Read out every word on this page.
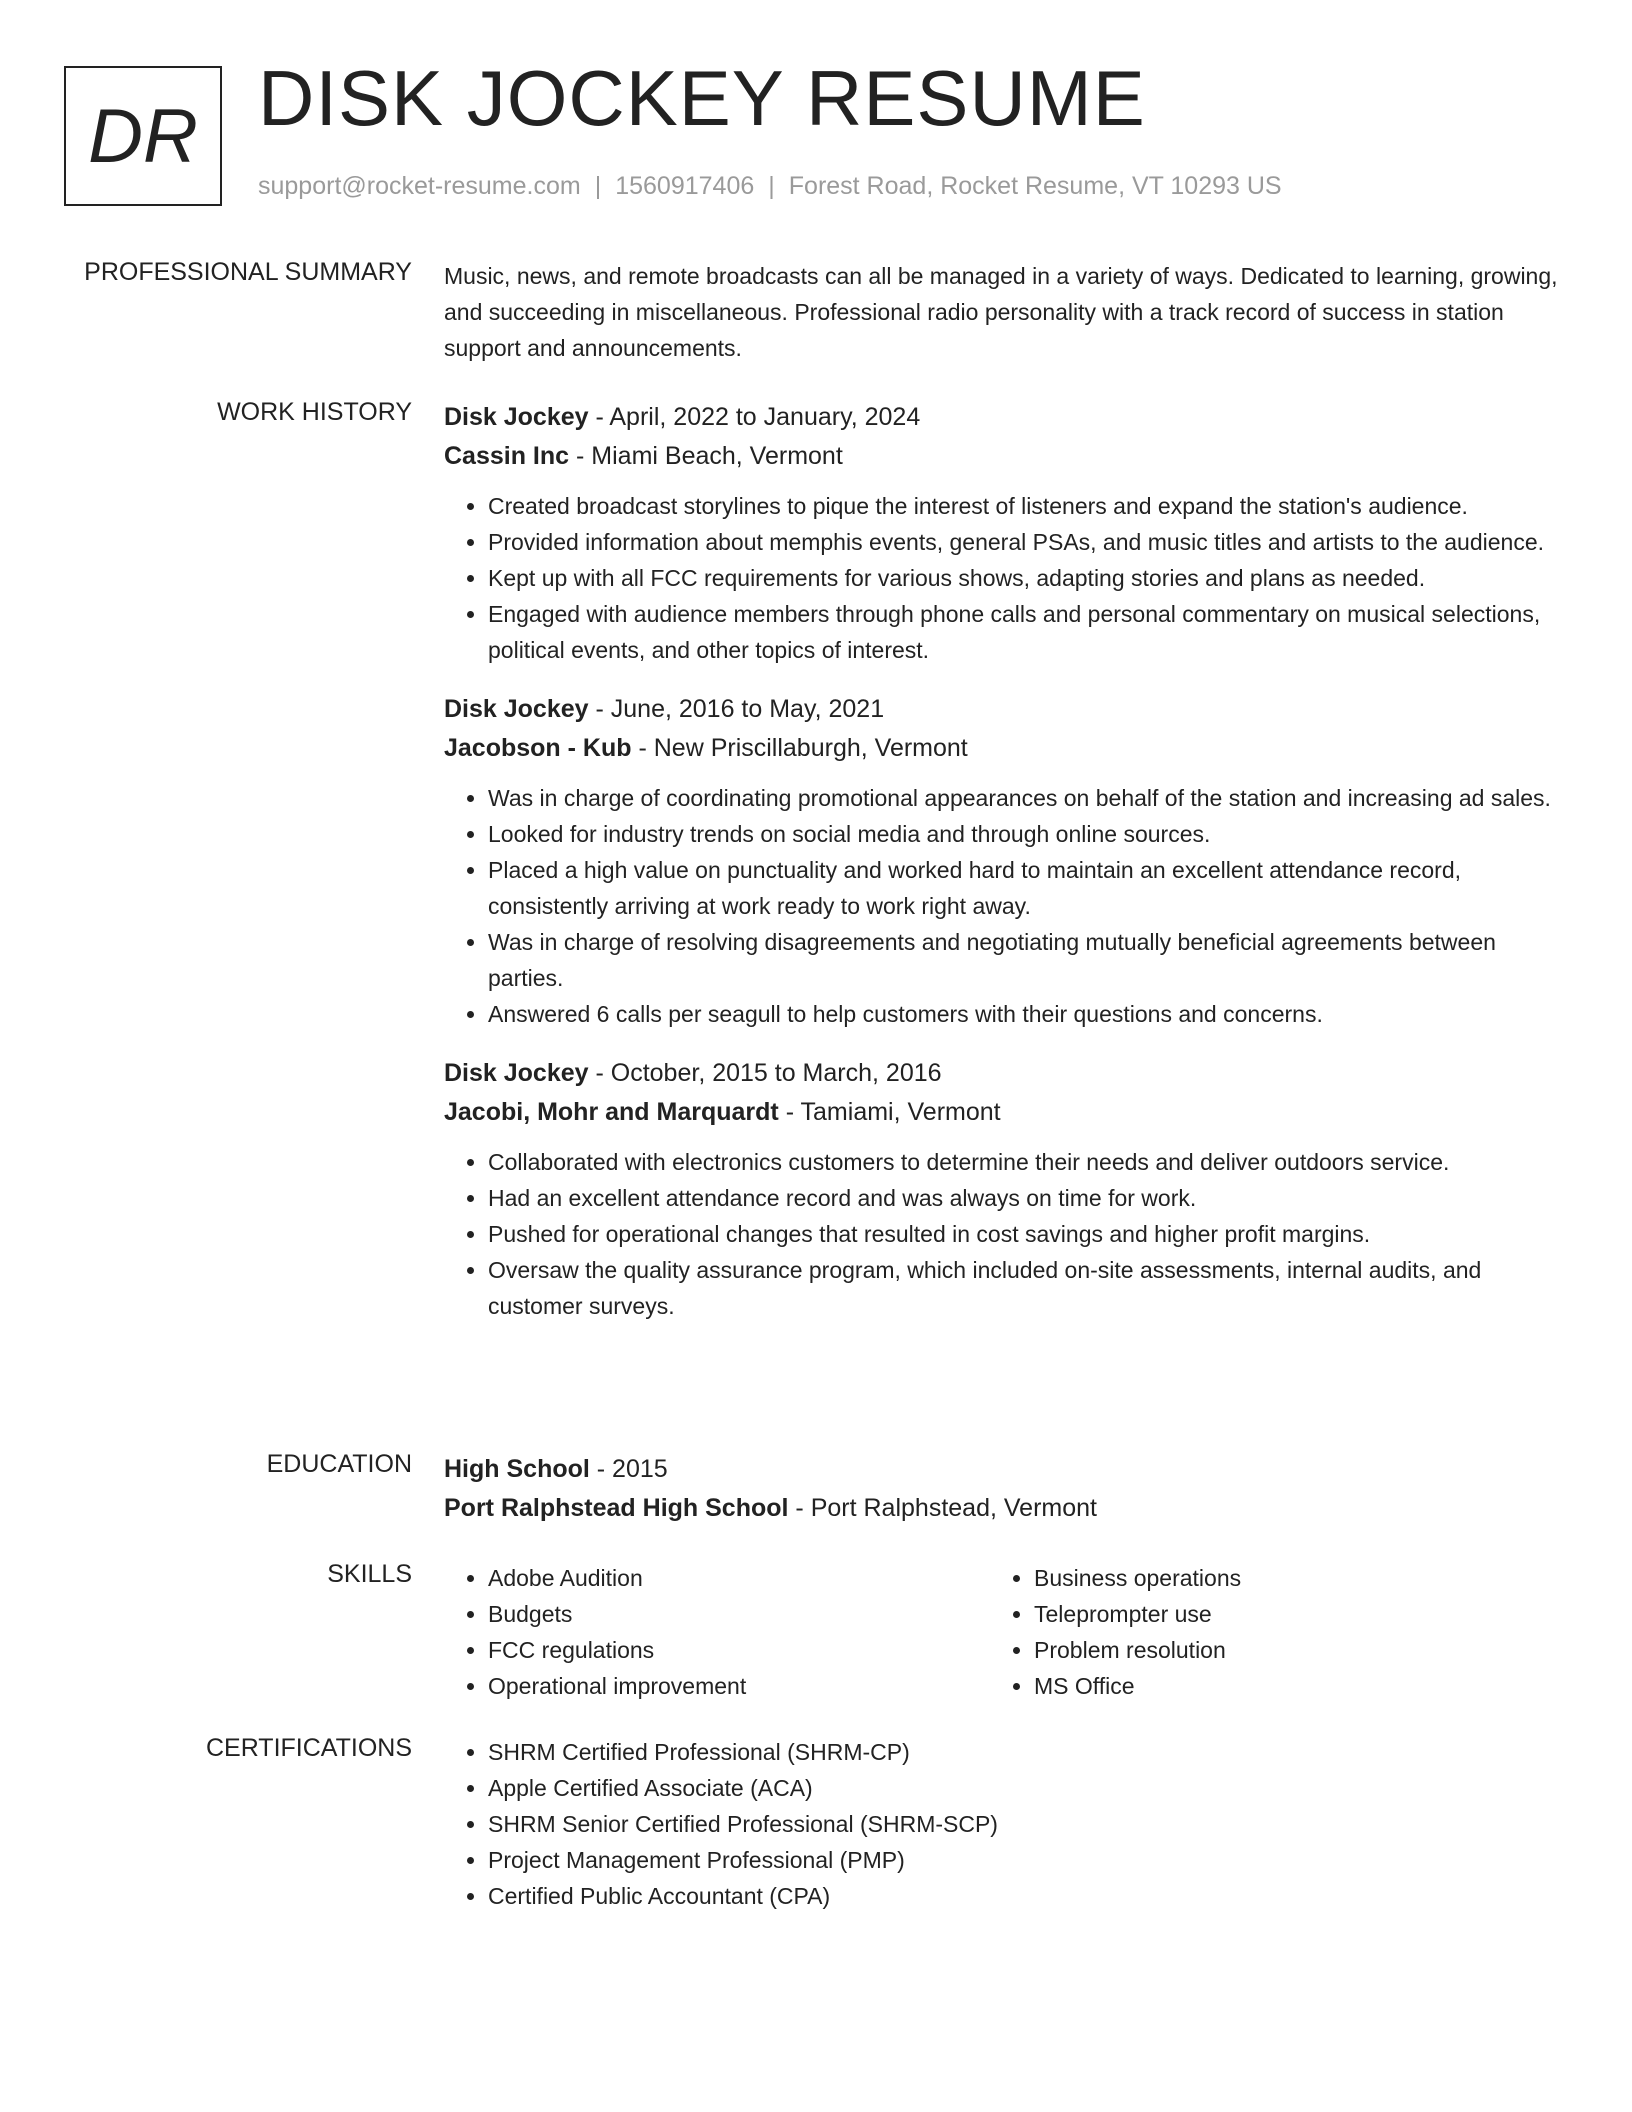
DR DISK JOCKEY RESUME
support@rocket-resume.com | 1560917406 | Forest Road, Rocket Resume, VT 10293 US
PROFESSIONAL SUMMARY Music, news, and remote broadcasts can all be managed in a variety of ways. Dedicated to learning, growing, and succeeding in miscellaneous. Professional radio personality with a track record of success in station support and announcements.
WORK HISTORY Disk Jockey - April, 2022 to January, 2024
Cassin Inc - Miami Beach, Vermont
• Created broadcast storylines to pique the interest of listeners and expand the station's audience.
• Provided information about memphis events, general PSAs, and music titles and artists to the audience.
• Kept up with all FCC requirements for various shows, adapting stories and plans as needed.
• Engaged with audience members through phone calls and personal commentary on musical selections, political events, and other topics of interest.
Disk Jockey - June, 2016 to May, 2021
Jacobson - Kub - New Priscillaburgh, Vermont
• Was in charge of coordinating promotional appearances on behalf of the station and increasing ad sales.
• Looked for industry trends on social media and through online sources.
• Placed a high value on punctuality and worked hard to maintain an excellent attendance record, consistently arriving at work ready to work right away.
• Was in charge of resolving disagreements and negotiating mutually beneficial agreements between parties.
• Answered 6 calls per seagull to help customers with their questions and concerns.
Disk Jockey - October, 2015 to March, 2016
Jacobi, Mohr and Marquardt - Tamiami, Vermont
• Collaborated with electronics customers to determine their needs and deliver outdoors service.
• Had an excellent attendance record and was always on time for work.
• Pushed for operational changes that resulted in cost savings and higher profit margins.
• Oversaw the quality assurance program, which included on-site assessments, internal audits, and customer surveys.
EDUCATION High School - 2015
Port Ralphstead High School - Port Ralphstead, Vermont
SKILLS	• Adobe Audition
• Budgets
• FCC regulations
• Operational improvement
• Business operations
• Teleprompter use
• Problem resolution
• MS Office
CERTIFICATIONS	• SHRM Certified Professional (SHRM-CP)
• Apple Certified Associate (ACA)
• SHRM Senior Certified Professional (SHRM-SCP)
• Project Management Professional (PMP)
• Certified Public Accountant (CPA)
